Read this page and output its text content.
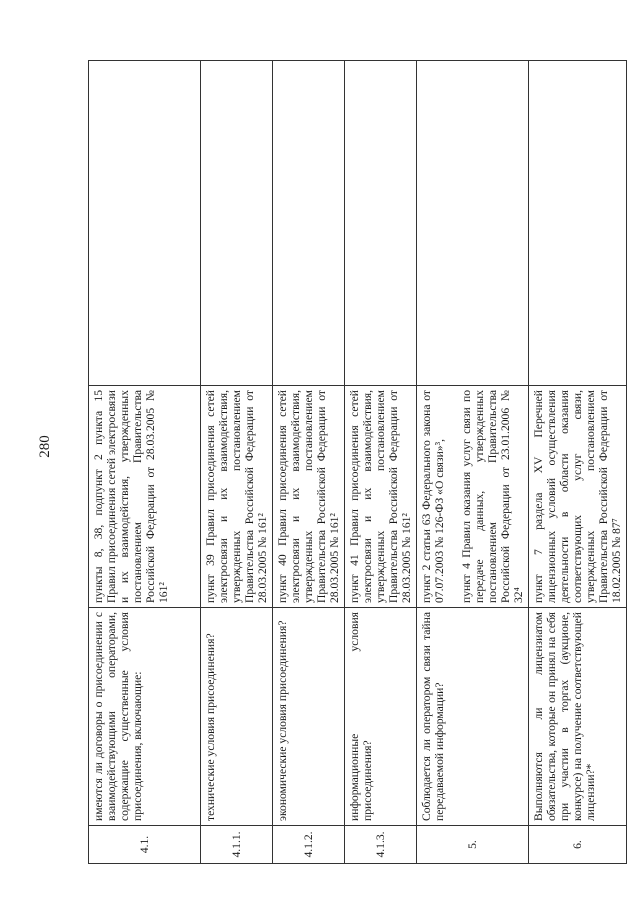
280
4.1.	имеются ли договоры о присоединении с взаимодействующими операторами, содержащие существенные условия присоединения, включающие:	пункты 8, 38, подпункт 2 пункта 15 Правил присоединения сетей электросвязи и их взаимодействия, утвержденных постановлением Правительства Российской Федерации от 28.03.2005 № 161²	

4.1.1.	технические условия присоединения?	пункт 39 Правил присоединения сетей электросвязи и их взаимодействия, утвержденных постановлением Правительства Российской Федерации от 28.03.2005 № 161²	

4.1.2.	экономические условия присоединения?	пункт 40 Правил присоединения сетей электросвязи и их взаимодействия, утвержденных постановлением Правительства Российской Федерации от 28.03.2005 № 161²	

4.1.3.	информационные условия присоединения?	пункт 41 Правил присоединения сетей электросвязи и их взаимодействия, утвержденных постановлением Правительства Российской Федерации от 28.03.2005 № 161²	

5.	Соблюдается ли оператором связи тайна передаваемой информации?	пункт 2 статьи 63 Федерального закона от 07.07.2003 № 126-ФЗ «О связи»³, пункт 4 Правил оказания услуг связи по передаче данных, утвержденных постановлением Правительства Российской Федерации от 23.01.2006 № 32⁴	

6.	Выполняются ли лицензиатом обязательства, которые он принял на себя при участии в торгах (аукционе, конкурсе) на получение соответствующей лицензии?*	пункт 7 раздела XV Перечней лицензионных условий осуществления деятельности в области оказания соответствующих услуг связи, утвержденных постановлением Правительства Российской Федерации от 18.02.2005 № 87⁷	
